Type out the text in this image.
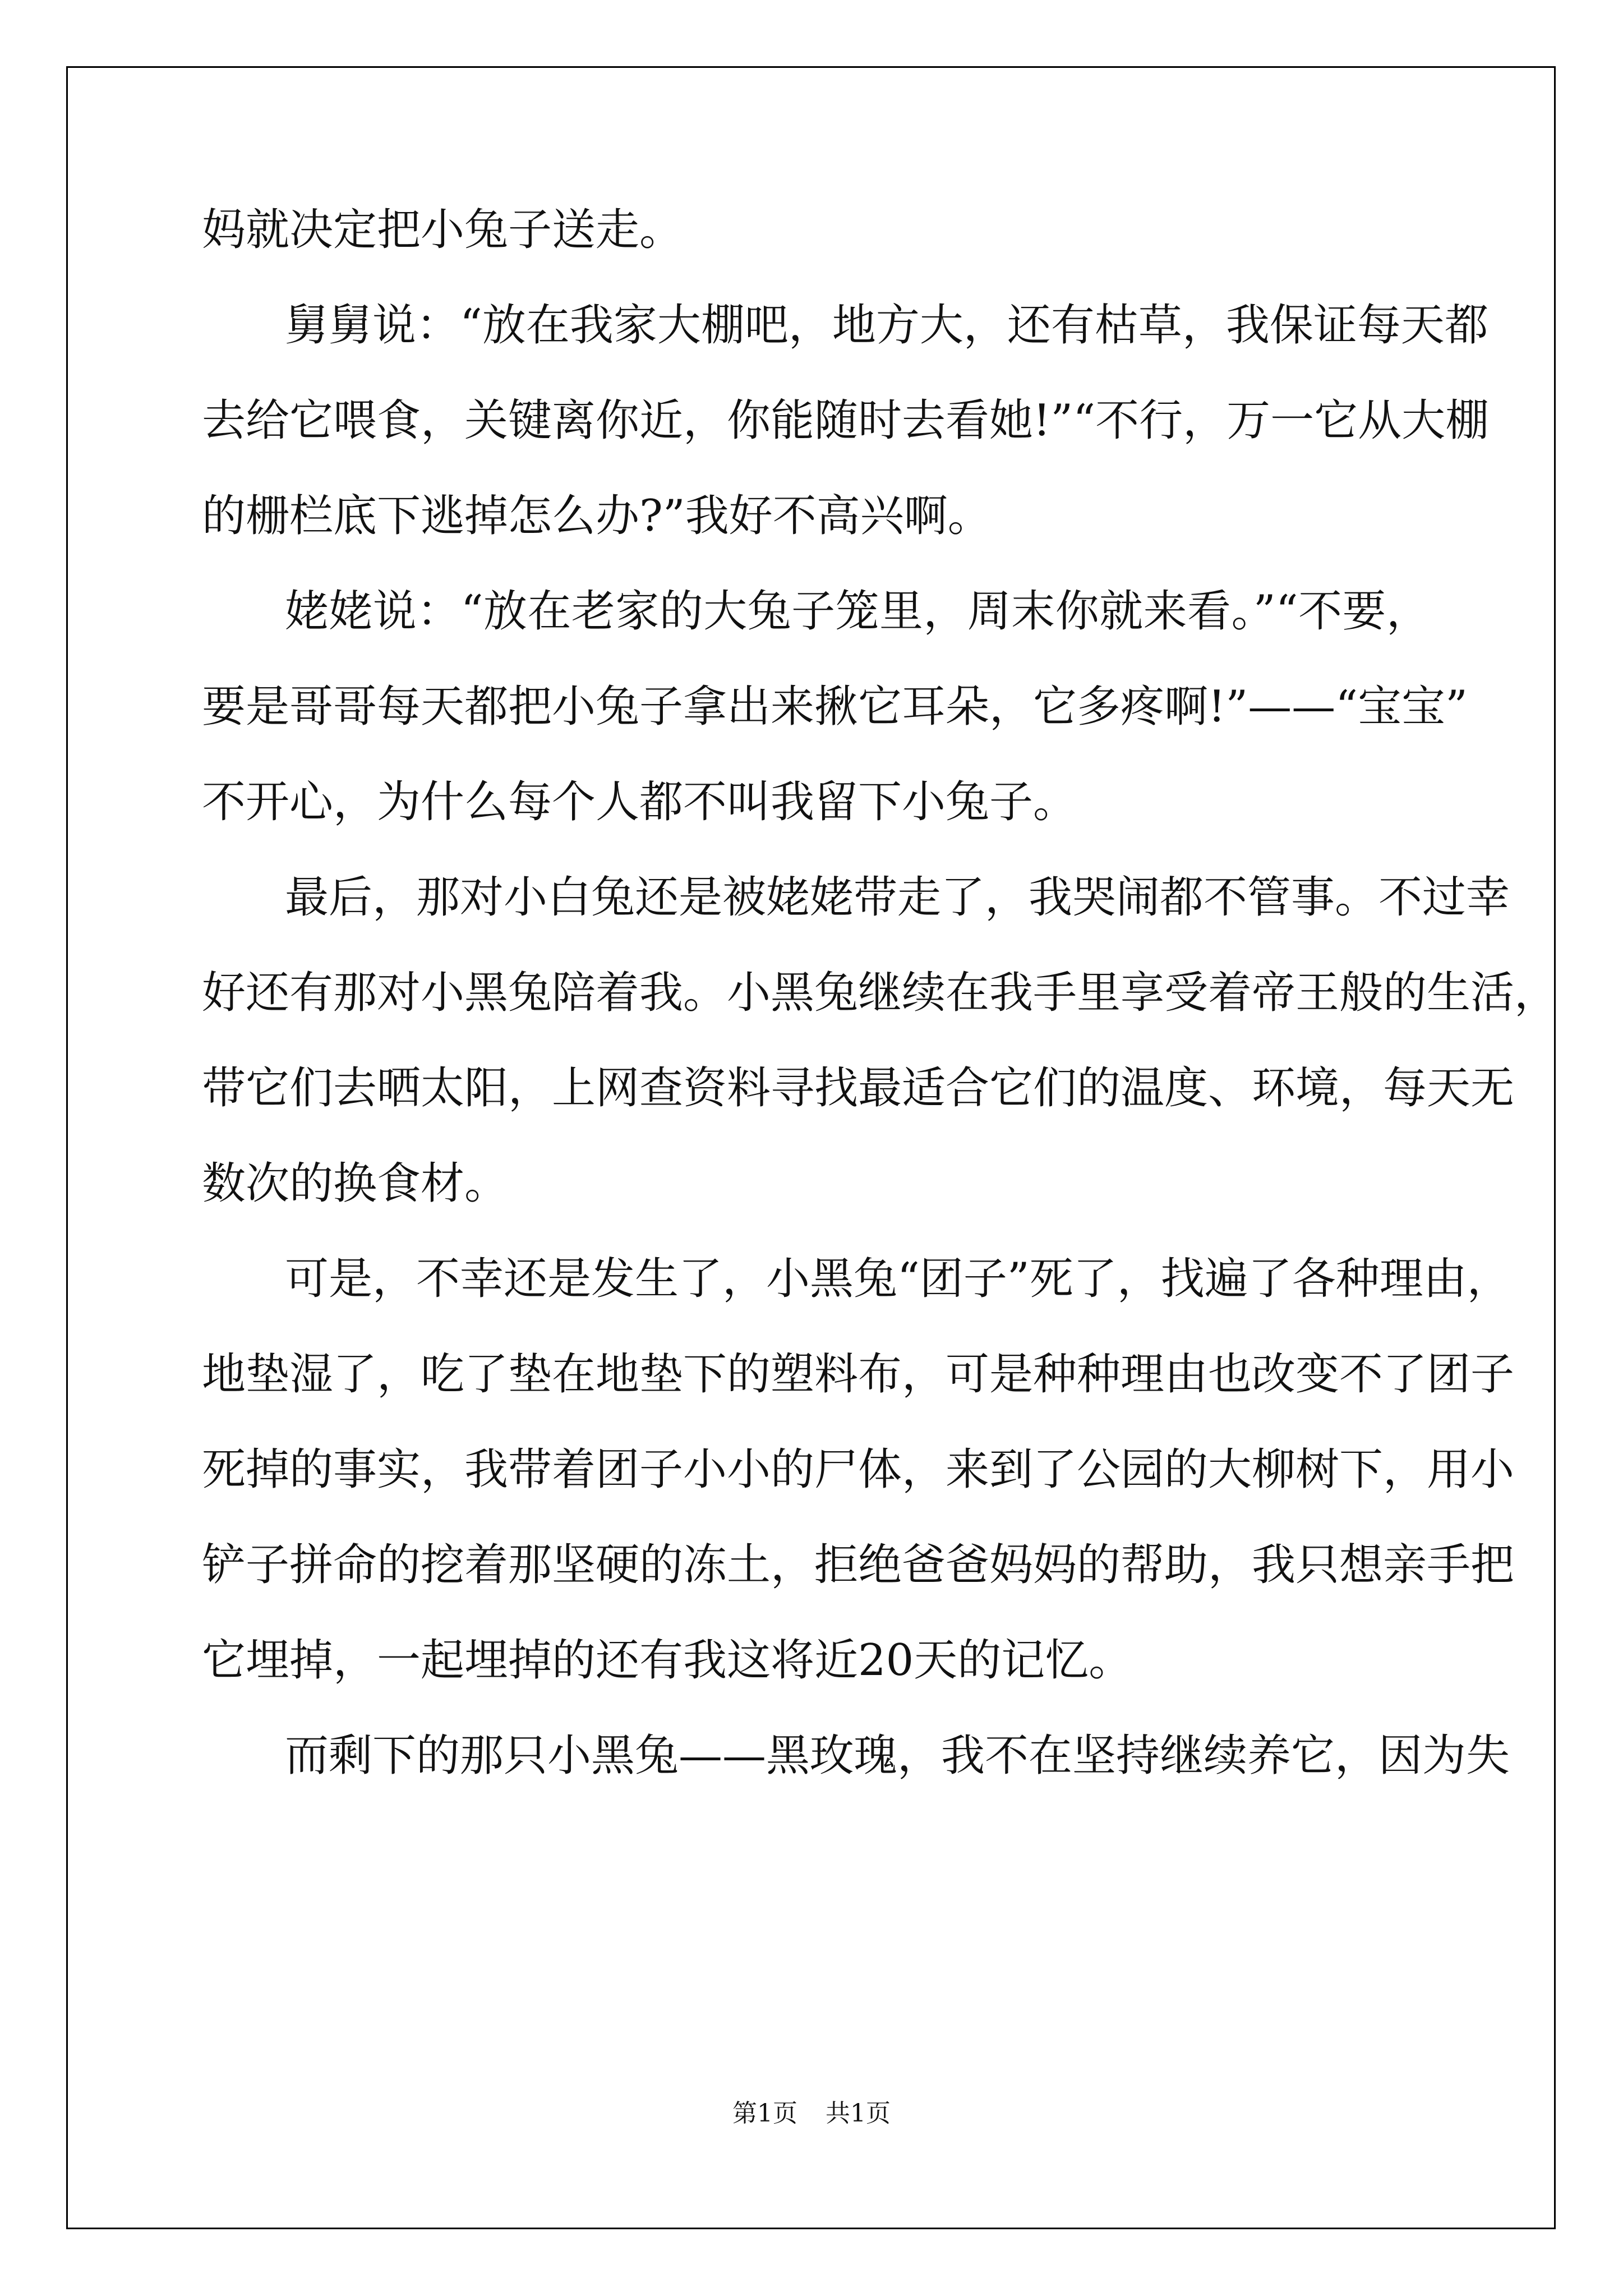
妈就决定把小兔子送走。
舅舅说：“放在我家大棚吧，地方大，还有枯草，我保证每天都
去给它喂食，关键离你近，你能随时去看她!”“不行，万一它从大棚
的栅栏底下逃掉怎么办?”我好不高兴啊。
姥姥说：“放在老家的大兔子笼里，周末你就来看。”“不要，
要是哥哥每天都把小兔子拿出来揪它耳朵，它多疼啊!”——“宝宝”
不开心，为什么每个人都不叫我留下小兔子。
最后，那对小白兔还是被姥姥带走了，我哭闹都不管事。不过幸
好还有那对小黑兔陪着我。小黑兔继续在我手里享受着帝王般的生活，
带它们去晒太阳，上网查资料寻找最适合它们的温度、环境，每天无
数次的换食材。
可是，不幸还是发生了，小黑兔“团子”死了，找遍了各种理由，
地垫湿了，吃了垫在地垫下的塑料布，可是种种理由也改变不了团子
死掉的事实，我带着团子小小的尸体，来到了公园的大柳树下，用小
铲子拼命的挖着那坚硬的冻土，拒绝爸爸妈妈的帮助，我只想亲手把
它埋掉，一起埋掉的还有我这将近20天的记忆。
而剩下的那只小黑兔——黑玫瑰，我不在坚持继续养它，因为失
第1页 共1页
